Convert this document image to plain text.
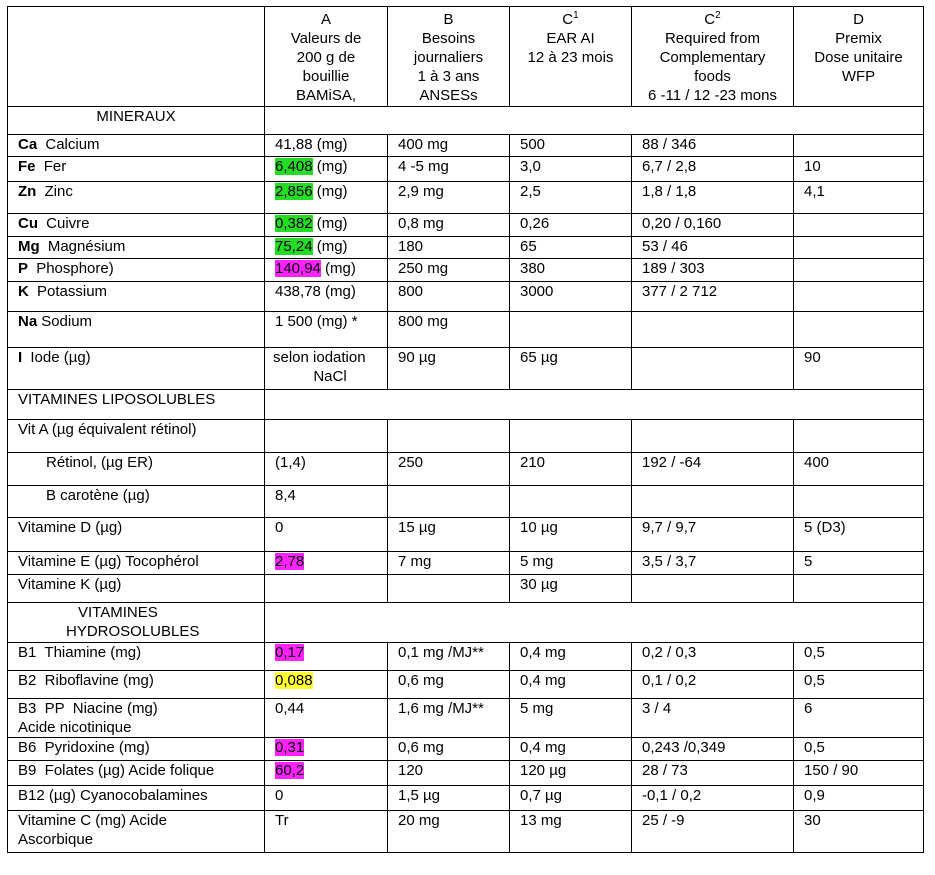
	A
Valeurs de
200 g de
bouillie
BAMiSA,	B
Besoins
journaliers
1 à 3 ans
ANSESs	$C^1$
EAR AI
12 à 23 mois	$C^2$
Required from
Complementary
foods
6 -11 / 12 -23 mons	D
Premix
Dose unitaire
WFP

MINERAUX					
Ca Calcium	41,88 (mg)	400 mg	500	88 / 346	
Fe Fer	6,408 (mg)	4 -5 mg	3,0	6,7 / 2,8	10
Zn Zinc	2,856 (mg)	2,9 mg	2,5	1,8 / 1,8	4,1
Cu Cuivre	0,382 (mg)	0,8 mg	0,26	0,20 / 0,160	
Mg Magnésium	75,24 (mg)	180	65	53 / 46	
P Phosphore)	140,94 (mg)	250 mg	380	189 / 303	
K Potassium	438,78 (mg)	800	3000	377 / 2 712	
Na Sodium	1 500 (mg) *	800 mg			
I Iode (µg)	selon iodation
NaCl	90 µg	65 µg		90
VITAMINES LIPOSOLUBLES					
Vit A (µg équivalent rétinol)					
Rétinol, (µg ER)	(1,4)	250	210	192 / -64	400
B carotène (µg)	8,4				
Vitamine D (µg)	0	15 µg	10 µg	9,7 / 9,7	5 (D3)
Vitamine E (µg) Tocophérol	2,78	7 mg	5 mg	3,5 / 3,7	5
Vitamine K (µg)			30 µg		

VITAMINES
HYDROSOLUBLES					

B1  Thiamine (mg)	0,17	0,1 mg /MJ**	0,4 mg	0,2 / 0,3	0,5
B2  Riboflavine (mg)	0,088	0,6 mg	0,4 mg	0,1 / 0,2	0,5

B3  PP  Niacine (mg)
Acide nicotinique	0,44	1,6 mg /MJ**	5 mg	3 / 4	6
B6  Pyridoxine (mg)	0,31	0,6 mg	0,4 mg	0,243 /0,349	0,5
B9  Folates (µg) Acide folique	60,2	120	120 µg	28 / 73	150 / 90
B12 (µg) Cyanocobalamines	0	1,5 µg	0,7 µg	-0,1 / 0,2	0,9

Vitamine C (mg) Acide
Ascorbique	Tr	20 mg	13 mg	25 / -9	30
